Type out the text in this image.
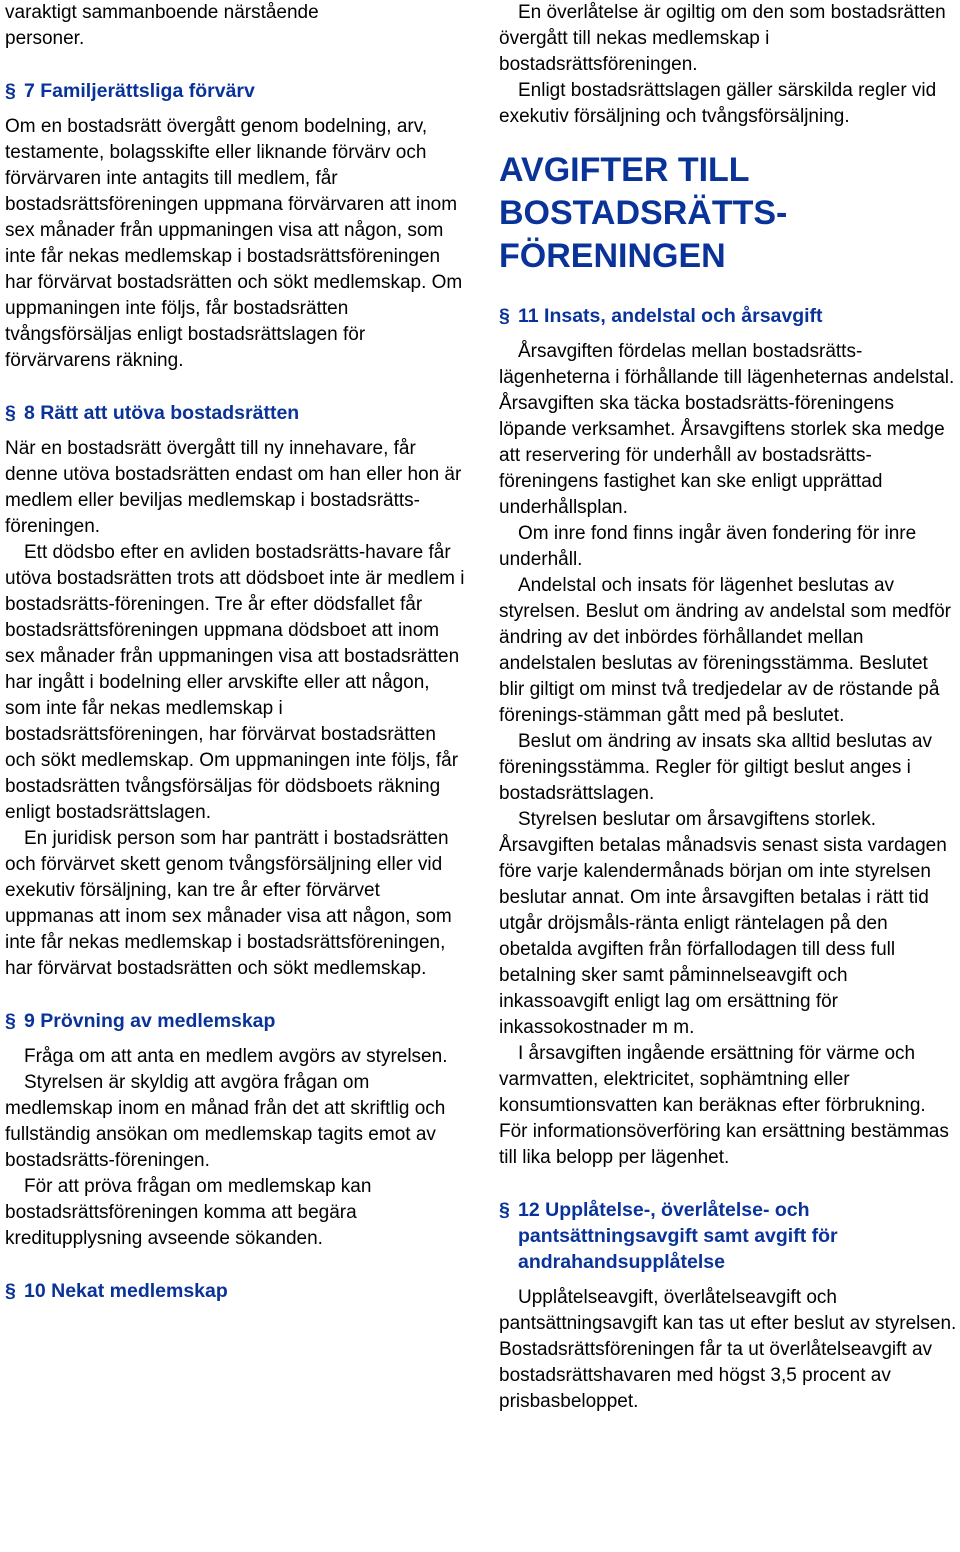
varaktigt sammanboende närstående personer.

§ 7 Familjerättsliga förvärv

Om en bostadsrätt övergått genom bodelning, arv, testamente, bolagsskifte eller liknande förvärv och förvärvaren inte antagits till medlem, får bostadsrättsföreningen uppmana förvärvaren att inom sex månader från uppmaningen visa att någon, som inte får nekas medlemskap i bostadsrättsföreningen har förvärvat bostadsrätten och sökt medlemskap. Om uppmaningen inte följs, får bostadsrätten tvångsförsäljas enligt bostadsrättslagen för förvärvarens räkning.

§ 8 Rätt att utöva bostadsrätten

När en bostadsrätt övergått till ny innehavare, får denne utöva bostadsrätten endast om han eller hon är medlem eller beviljas medlemskap i bostadsrätts-föreningen.

Ett dödsbo efter en avliden bostadsrätts-havare får utöva bostadsrätten trots att dödsboet inte är medlem i bostadsrätts-föreningen. Tre år efter dödsfallet får bostadsrättsföreningen uppmana dödsboet att inom sex månader från uppmaningen visa att bostadsrätten har ingått i bodelning eller arvskifte eller att någon, som inte får nekas medlemskap i bostadsrättsföreningen, har förvärvat bostadsrätten och sökt medlemskap. Om uppmaningen inte följs, får bostadsrätten tvångsförsäljas för dödsboets räkning enligt bostadsrättslagen.

En juridisk person som har panträtt i bostadsrätten och förvärvet skett genom tvångsförsäljning eller vid exekutiv försäljning, kan tre år efter förvärvet uppmanas att inom sex månader visa att någon, som inte får nekas medlemskap i bostadsrättsföreningen, har förvärvat bostadsrätten och sökt medlemskap.

§ 9 Prövning av medlemskap

Fråga om att anta en medlem avgörs av styrelsen.

Styrelsen är skyldig att avgöra frågan om medlemskap inom en månad från det att skriftlig och fullständig ansökan om medlemskap tagits emot av bostadsrätts-föreningen.

För att pröva frågan om medlemskap kan bostadsrättsföreningen komma att begära kreditupplysning avseende sökanden.

§ 10 Nekat medlemskap

En överlåtelse är ogiltig om den som bostadsrätten övergått till nekas medlemskap i bostadsrättsföreningen.

Enligt bostadsrättslagen gäller särskilda regler vid exekutiv försäljning och tvångsförsäljning.

AVGIFTER TILL
BOSTADSRÄTTS-
FÖRENINGEN
§ 11 Insats, andelstal och årsavgift

Årsavgiften fördelas mellan bostadsrätts-lägenheterna i förhållande till lägenheternas andelstal. Årsavgiften ska täcka bostadsrätts-föreningens löpande verksamhet. Årsavgiftens storlek ska medge att reservering för underhåll av bostadsrätts-föreningens fastighet kan ske enligt upprättad underhållsplan.

Om inre fond finns ingår även fondering för inre underhåll.

Andelstal och insats för lägenhet beslutas av styrelsen. Beslut om ändring av andelstal som medför ändring av det inbördes förhållandet mellan andelstalen beslutas av föreningsstämma. Beslutet blir giltigt om minst två tredjedelar av de röstande på förenings-stämman gått med på beslutet.

Beslut om ändring av insats ska alltid beslutas av föreningsstämma. Regler för giltigt beslut anges i bostadsrättslagen.

Styrelsen beslutar om årsavgiftens storlek. Årsavgiften betalas månadsvis senast sista vardagen före varje kalendermånads början om inte styrelsen beslutar annat. Om inte årsavgiften betalas i rätt tid utgår dröjsmåls-ränta enligt räntelagen på den obetalda avgiften från förfallodagen till dess full betalning sker samt påminnelseavgift och inkassoavgift enligt lag om ersättning för inkassokostnader m m.

I årsavgiften ingående ersättning för värme och varmvatten, elektricitet, sophämtning eller konsumtionsvatten kan beräknas efter förbrukning. För informationsöverföring kan ersättning bestämmas till lika belopp per lägenhet.

§ 12 Upplåtelse-, överlåtelse- och pantsättningsavgift samt avgift för andrahandsupplåtelse

Upplåtelseavgift, överlåtelseavgift och pantsättningsavgift kan tas ut efter beslut av styrelsen. Bostadsrättsföreningen får ta ut överlåtelseavgift av bostadsrättshavaren med högst 3,5 procent av prisbasbeloppet.
